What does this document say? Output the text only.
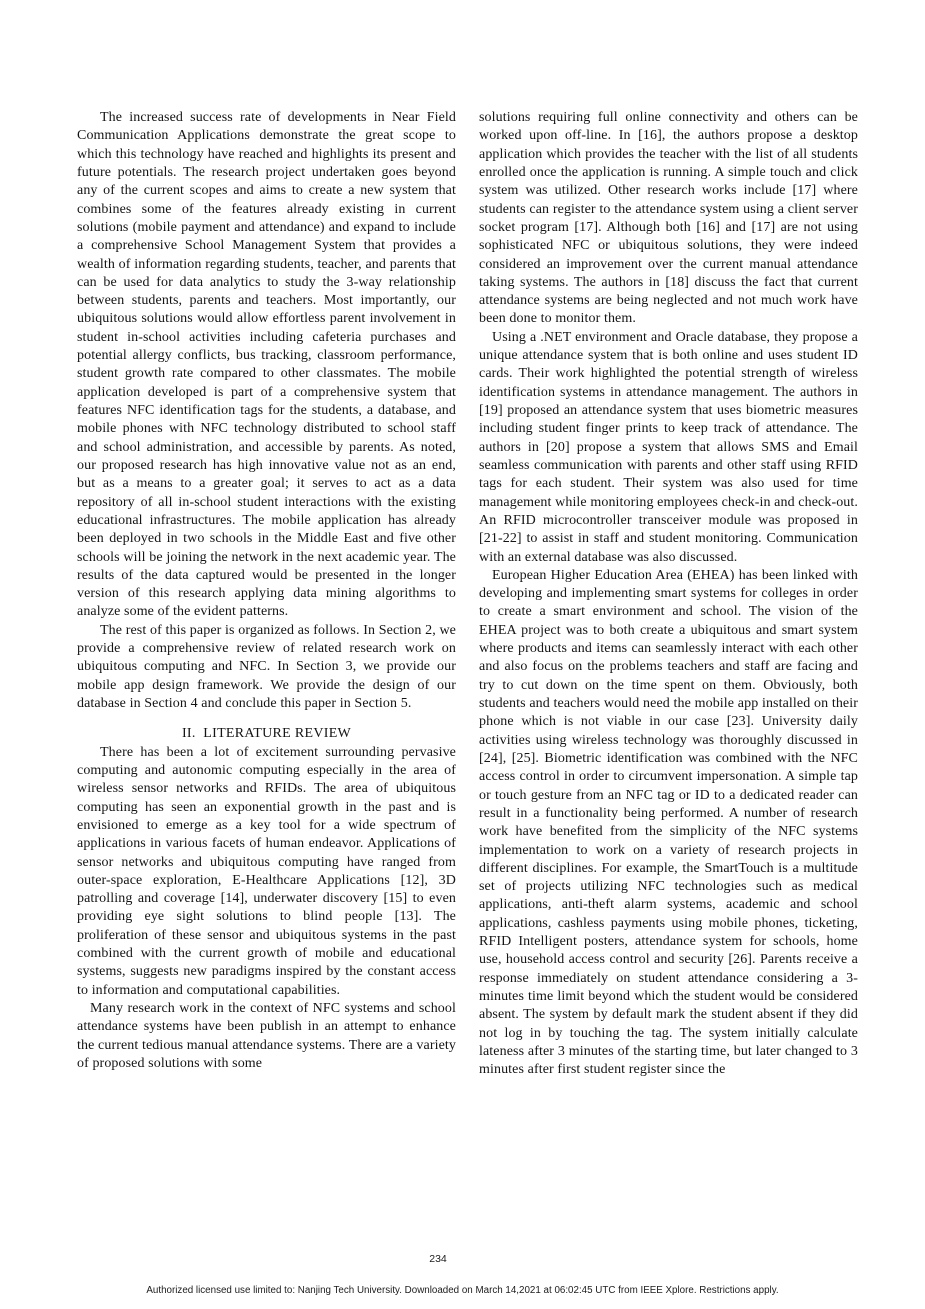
The increased success rate of developments in Near Field Communication Applications demonstrate the great scope to which this technology have reached and highlights its present and future potentials. The research project undertaken goes beyond any of the current scopes and aims to create a new system that combines some of the features already existing in current solutions (mobile payment and attendance) and expand to include a comprehensive School Management System that provides a wealth of information regarding students, teacher, and parents that can be used for data analytics to study the 3-way relationship between students, parents and teachers. Most importantly, our ubiquitous solutions would allow effortless parent involvement in student in-school activities including cafeteria purchases and potential allergy conflicts, bus tracking, classroom performance, student growth rate compared to other classmates. The mobile application developed is part of a comprehensive system that features NFC identification tags for the students, a database, and mobile phones with NFC technology distributed to school staff and school administration, and accessible by parents. As noted, our proposed research has high innovative value not as an end, but as a means to a greater goal; it serves to act as a data repository of all in-school student interactions with the existing educational infrastructures. The mobile application has already been deployed in two schools in the Middle East and five other schools will be joining the network in the next academic year. The results of the data captured would be presented in the longer version of this research applying data mining algorithms to analyze some of the evident patterns.

The rest of this paper is organized as follows. In Section 2, we provide a comprehensive review of related research work on ubiquitous computing and NFC. In Section 3, we provide our mobile app design framework. We provide the design of our database in Section 4 and conclude this paper in Section 5.

II.  LITERATURE REVIEW

There has been a lot of excitement surrounding pervasive computing and autonomic computing especially in the area of wireless sensor networks and RFIDs. The area of ubiquitous computing has seen an exponential growth in the past and is envisioned to emerge as a key tool for a wide spectrum of applications in various facets of human endeavor. Applications of sensor networks and ubiquitous computing have ranged from outer-space exploration, E-Healthcare Applications [12], 3D patrolling and coverage [14], underwater discovery [15] to even providing eye sight solutions to blind people [13]. The proliferation of these sensor and ubiquitous systems in the past combined with the current growth of mobile and educational systems, suggests new paradigms inspired by the constant access to information and computational capabilities.

Many research work in the context of NFC systems and school attendance systems have been publish in an attempt to enhance the current tedious manual attendance systems. There are a variety of proposed solutions with some

solutions requiring full online connectivity and others can be worked upon off-line. In [16], the authors propose a desktop application which provides the teacher with the list of all students enrolled once the application is running. A simple touch and click system was utilized. Other research works include [17] where students can register to the attendance system using a client server socket program [17]. Although both [16] and [17] are not using sophisticated NFC or ubiquitous solutions, they were indeed considered an improvement over the current manual attendance taking systems. The authors in [18] discuss the fact that current attendance systems are being neglected and not much work have been done to monitor them.

Using a .NET environment and Oracle database, they propose a unique attendance system that is both online and uses student ID cards. Their work highlighted the potential strength of wireless identification systems in attendance management. The authors in [19] proposed an attendance system that uses biometric measures including student finger prints to keep track of attendance. The authors in [20] propose a system that allows SMS and Email seamless communication with parents and other staff using RFID tags for each student. Their system was also used for time management while monitoring employees check-in and check-out. An RFID microcontroller transceiver module was proposed in [21-22] to assist in staff and student monitoring. Communication with an external database was also discussed.

European Higher Education Area (EHEA) has been linked with developing and implementing smart systems for colleges in order to create a smart environment and school. The vision of the EHEA project was to both create a ubiquitous and smart system where products and items can seamlessly interact with each other and also focus on the problems teachers and staff are facing and try to cut down on the time spent on them. Obviously, both students and teachers would need the mobile app installed on their phone which is not viable in our case [23]. University daily activities using wireless technology was thoroughly discussed in [24], [25]. Biometric identification was combined with the NFC access control in order to circumvent impersonation. A simple tap or touch gesture from an NFC tag or ID to a dedicated reader can result in a functionality being performed. A number of research work have benefited from the simplicity of the NFC systems implementation to work on a variety of research projects in different disciplines. For example, the SmartTouch is a multitude set of projects utilizing NFC technologies such as medical applications, anti-theft alarm systems, academic and school applications, cashless payments using mobile phones, ticketing, RFID Intelligent posters, attendance system for schools, home use, household access control and security [26]. Parents receive a response immediately on student attendance considering a 3-minutes time limit beyond which the student would be considered absent. The system by default mark the student absent if they did not log in by touching the tag. The system initially calculate lateness after 3 minutes of the starting time, but later changed to 3 minutes after first student register since the

234
Authorized licensed use limited to: Nanjing Tech University. Downloaded on March 14,2021 at 06:02:45 UTC from IEEE Xplore. Restrictions apply.
